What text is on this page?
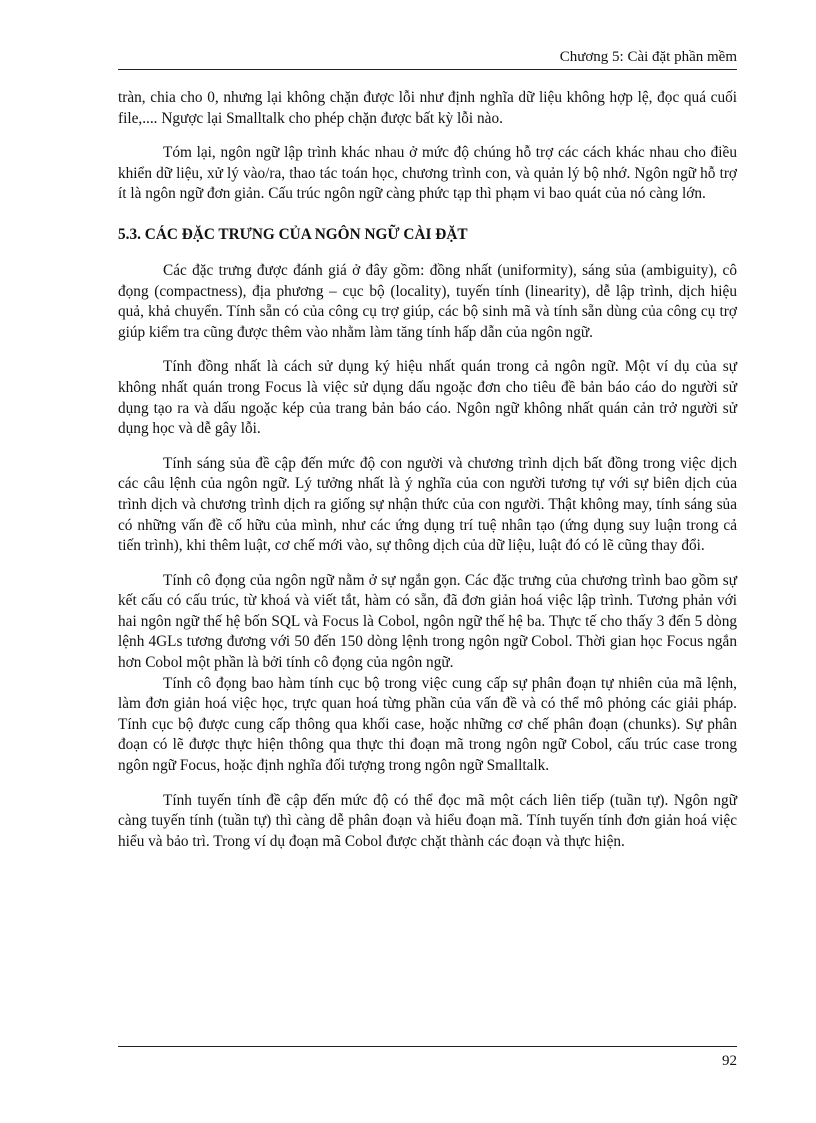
Chương 5: Cài đặt phần mềm

tràn, chia cho 0, nhưng lại không chặn được lỗi như định nghĩa dữ liệu không hợp lệ, đọc quá cuối file,.... Ngược lại Smalltalk cho phép chặn được bất kỳ lỗi nào.

Tóm lại, ngôn ngữ lập trình khác nhau ở mức độ chúng hỗ trợ các cách khác nhau cho điều khiển dữ liệu, xử lý vào/ra, thao tác toán học, chương trình con, và quản lý bộ nhớ. Ngôn ngữ hỗ trợ ít là ngôn ngữ đơn giản. Cấu trúc ngôn ngữ càng phức tạp thì phạm vi bao quát của nó càng lớn.

5.3. CÁC ĐẶC TRƯNG CỦA NGÔN NGỮ CÀI ĐẶT

Các đặc trưng được đánh giá ở đây gồm: đồng nhất (uniformity), sáng sủa (ambiguity), cô đọng (compactness), địa phương – cục bộ (locality), tuyến tính (linearity), dễ lập trình, dịch hiệu quả, khả chuyển. Tính sẵn có của công cụ trợ giúp, các bộ sinh mã và tính sẵn dùng của công cụ trợ giúp kiểm tra cũng được thêm vào nhằm làm tăng tính hấp dẫn của ngôn ngữ.

Tính đồng nhất là cách sử dụng ký hiệu nhất quán trong cả ngôn ngữ. Một ví dụ của sự không nhất quán trong Focus là việc sử dụng dấu ngoặc đơn cho tiêu đề bản báo cáo do người sử dụng tạo ra và dấu ngoặc kép của trang bản báo cáo. Ngôn ngữ không nhất quán cản trở người sử dụng học và dễ gây lỗi.

Tính sáng sủa đề cập đến mức độ con người và chương trình dịch bất đồng trong việc dịch các câu lệnh của ngôn ngữ. Lý tưởng nhất là ý nghĩa của con người tương tự với sự biên dịch của trình dịch và chương trình dịch ra giống sự nhận thức của con người. Thật không may, tính sáng sủa có những vấn đề cố hữu của mình, như các ứng dụng trí tuệ nhân tạo (ứng dụng suy luận trong cả tiến trình), khi thêm luật, cơ chế mới vào, sự thông dịch của dữ liệu, luật đó có lẽ cũng thay đổi.

Tính cô đọng của ngôn ngữ nằm ở sự ngắn gọn. Các đặc trưng của chương trình bao gồm sự kết cấu có cấu trúc, từ khoá và viết tắt, hàm có sẵn, đã đơn giản hoá việc lập trình. Tương phản với hai ngôn ngữ thế hệ bốn SQL và Focus là Cobol, ngôn ngữ thế hệ ba. Thực tế cho thấy 3 đến 5 dòng lệnh 4GLs tương đương với 50 đến 150 dòng lệnh trong ngôn ngữ Cobol. Thời gian học Focus ngắn hơn Cobol một phần là bởi tính cô đọng của ngôn ngữ.

Tính cô đọng bao hàm tính cục bộ trong việc cung cấp sự phân đoạn tự nhiên của mã lệnh, làm đơn giản hoá việc học, trực quan hoá từng phần của vấn đề và có thể mô phỏng các giải pháp. Tính cục bộ được cung cấp thông qua khối case, hoặc những cơ chế phân đoạn (chunks). Sự phân đoạn có lẽ được thực hiện thông qua thực thi đoạn mã trong ngôn ngữ Cobol, cấu trúc case trong ngôn ngữ Focus, hoặc định nghĩa đối tượng trong ngôn ngữ Smalltalk.

Tính tuyến tính đề cập đến mức độ có thể đọc mã một cách liên tiếp (tuần tự). Ngôn ngữ càng tuyến tính (tuần tự) thì càng dễ phân đoạn và hiểu đoạn mã. Tính tuyến tính đơn giản hoá việc hiểu và bảo trì. Trong ví dụ đoạn mã Cobol được chặt thành các đoạn và thực hiện.

92
